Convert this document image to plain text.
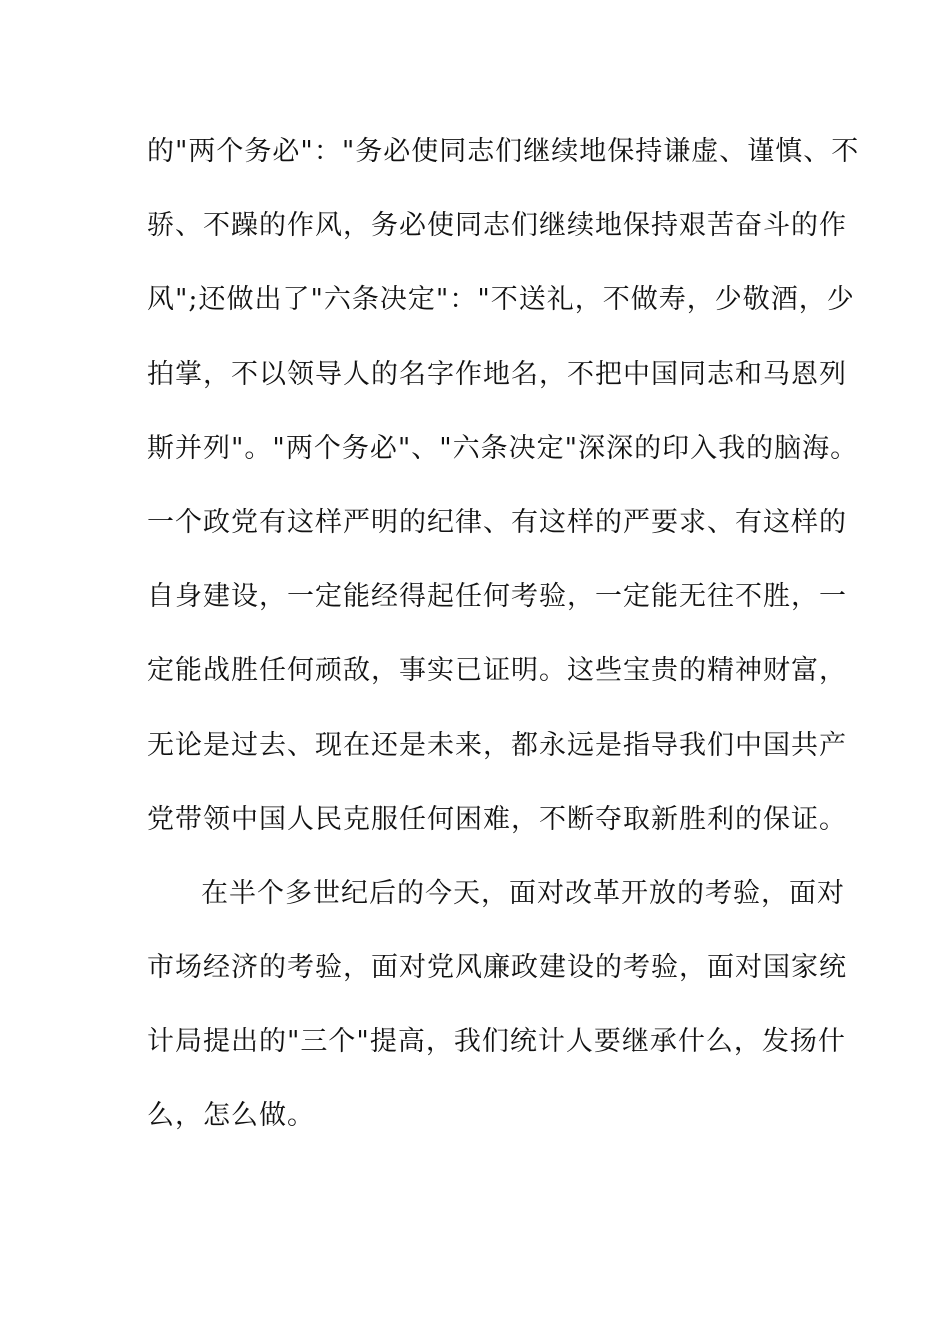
的"两个务必"："务必使同志们继续地保持谦虚、谨慎、不
骄、不躁的作风，务必使同志们继续地保持艰苦奋斗的作
风";还做出了"六条决定"："不送礼，不做寿，少敬酒，少
拍掌，不以领导人的名字作地名，不把中国同志和马恩列
斯并列"。"两个务必"、"六条决定"深深的印入我的脑海。
一个政党有这样严明的纪律、有这样的严要求、有这样的
自身建设，一定能经得起任何考验，一定能无往不胜，一
定能战胜任何顽敌，事实已证明。这些宝贵的精神财富，
无论是过去、现在还是未来，都永远是指导我们中国共产
党带领中国人民克服任何困难，不断夺取新胜利的保证。
在半个多世纪后的今天，面对改革开放的考验，面对
市场经济的考验，面对党风廉政建设的考验，面对国家统
计局提出的"三个"提高，我们统计人要继承什么，发扬什
么，怎么做。
